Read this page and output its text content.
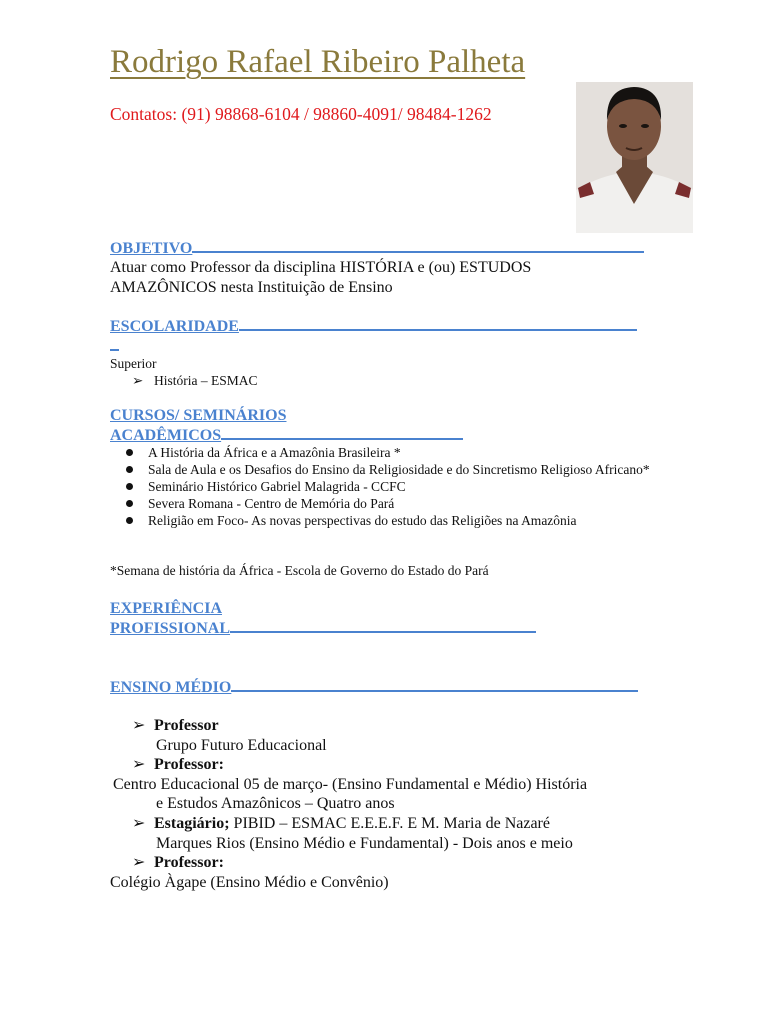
Rodrigo Rafael Ribeiro Palheta
Contatos: (91) 98868-6104 / 98860-4091/ 98484-1262
OBJETIVO
Atuar como Professor da disciplina HISTÓRIA e (ou) ESTUDOS
AMAZÔNICOS nesta Instituição de Ensino
ESCOLARIDADE
Superior
➢ História – ESMAC
CURSOS/ SEMINÁRIOS
ACADÊMICOS
A História da África e a Amazônia Brasileira *
Sala de Aula e os Desafios do Ensino da Religiosidade e do Sincretismo Religioso Africano*
Seminário Histórico Gabriel Malagrida - CCFC
Severa Romana - Centro de Memória do Pará
Religião em Foco- As novas perspectivas do estudo das Religiões na Amazônia
*Semana de história da África - Escola de Governo do Estado do Pará
EXPERIÊNCIA
PROFISSIONAL
ENSINO MÉDIO
➢ Professor
Grupo Futuro Educacional
➢ Professor:
Centro Educacional 05 de março- (Ensino Fundamental e Médio) História
e Estudos Amazônicos – Quatro anos
➢ Estagiário; PIBID – ESMAC E.E.E.F. E M. Maria de Nazaré
Marques Rios (Ensino Médio e Fundamental) - Dois anos e meio
➢ Professor:
Colégio Àgape (Ensino Médio e Convênio)
